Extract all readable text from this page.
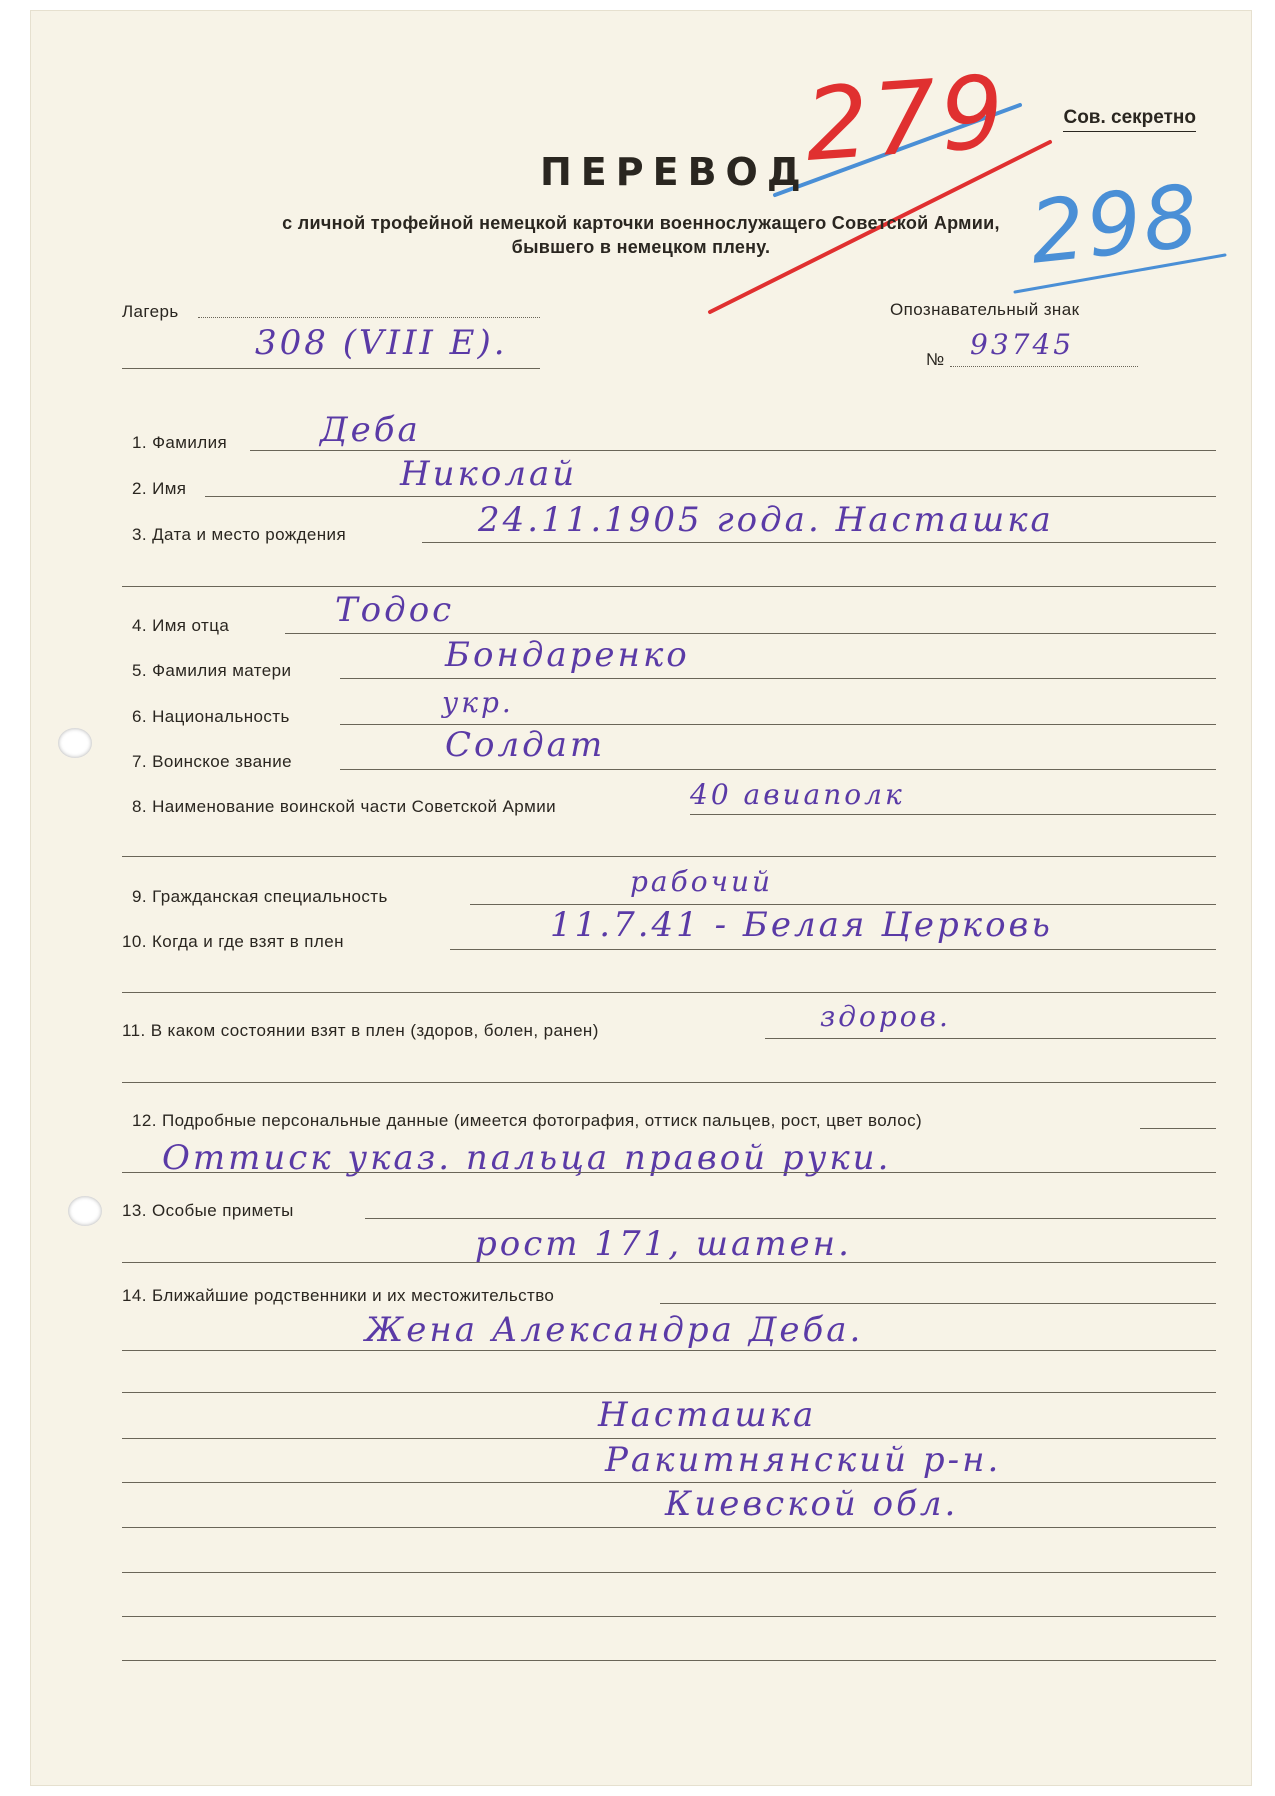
Сов. секретно
ПЕРЕВОД
с личной трофейной немецкой карточки военнослужащего Советской Армии,
бывшего в немецком плену.
279
298
Лагерь
308 (VIII E).
Опознавательный знак
№ 93745
1. Фамилия	Деба
2. Имя	Николай
3. Дата и место рождения	24.11.1905 года. Насташка
4. Имя отца	Тодос
5. Фамилия матери	Бондаренко
6. Национальность	укр.
7. Воинское звание	Солдат
8. Наименование воинской части Советской Армии	40 авиаполк
9. Гражданская специальность	рабочий
10. Когда и где взят в плен	11.7.41 - Белая Церковь
11. В каком состоянии взят в плен (здоров, болен, ранен)	здоров.
12. Подробные персональные данные (имеется фотография, оттиск пальцев, рост, цвет волос)
Оттиск указ. пальца правой руки.
13. Особые приметы
рост 171, шатен.
14. Ближайшие родственники и их местожительство
Жена Александра Деба.
Насташка
Ракитнянский р-н.
Киевской обл.
